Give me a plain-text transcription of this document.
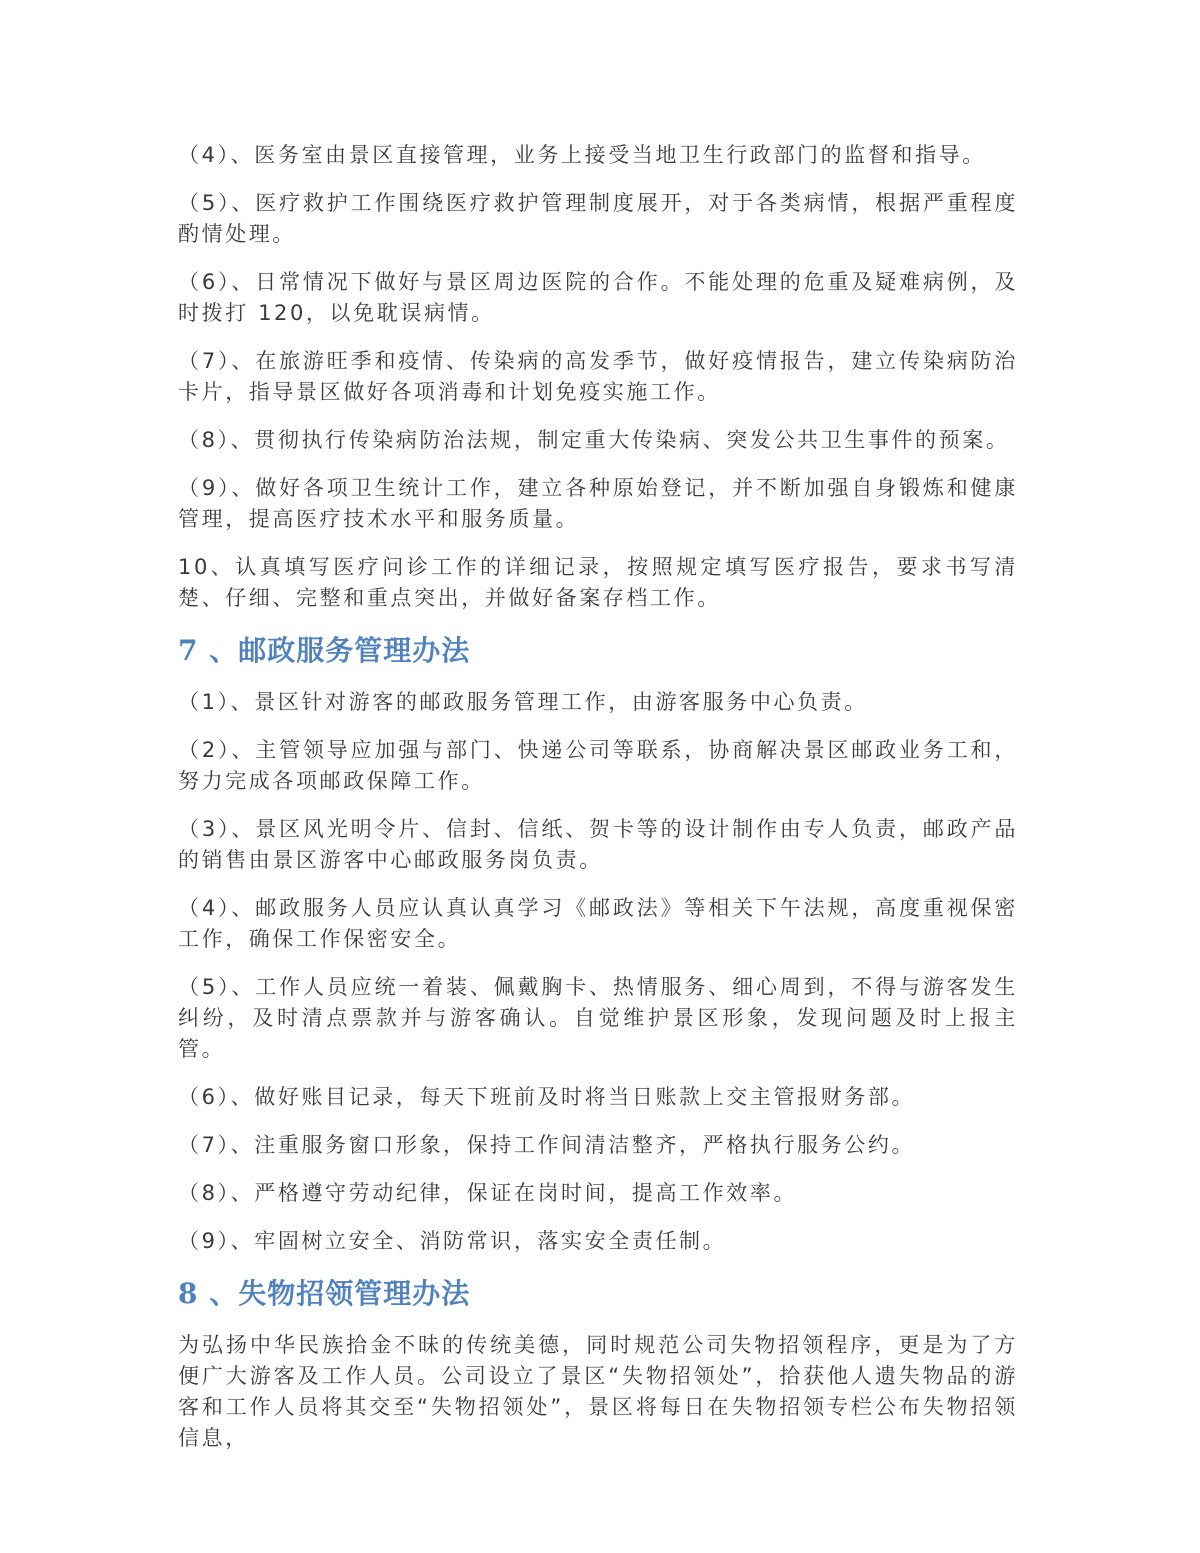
（4）、医务室由景区直接管理，业务上接受当地卫生行政部门的监督和指导。

（5）、医疗救护工作围绕医疗救护管理制度展开，对于各类病情，根据严重程度酌情处理。

（6）、日常情况下做好与景区周边医院的合作。不能处理的危重及疑难病例，及时拨打 120，以免耽误病情。

（7）、在旅游旺季和疫情、传染病的高发季节，做好疫情报告，建立传染病防治卡片，指导景区做好各项消毒和计划免疫实施工作。

（8）、贯彻执行传染病防治法规，制定重大传染病、突发公共卫生事件的预案。

（9）、做好各项卫生统计工作，建立各种原始登记，并不断加强自身锻炼和健康管理，提高医疗技术水平和服务质量。

10、认真填写医疗问诊工作的详细记录，按照规定填写医疗报告，要求书写清楚、仔细、完整和重点突出，并做好备案存档工作。

7 、邮政服务管理办法

（1）、景区针对游客的邮政服务管理工作，由游客服务中心负责。

（2）、主管领导应加强与部门、快递公司等联系，协商解决景区邮政业务工和，努力完成各项邮政保障工作。

（3）、景区风光明令片、信封、信纸、贺卡等的设计制作由专人负责，邮政产品的销售由景区游客中心邮政服务岗负责。

（4）、邮政服务人员应认真认真学习《邮政法》等相关下午法规，高度重视保密工作，确保工作保密安全。

（5）、工作人员应统一着装、佩戴胸卡、热情服务、细心周到，不得与游客发生纠纷，及时清点票款并与游客确认。自觉维护景区形象，发现问题及时上报主管。

（6）、做好账目记录，每天下班前及时将当日账款上交主管报财务部。

（7）、注重服务窗口形象，保持工作间清洁整齐，严格执行服务公约。

（8）、严格遵守劳动纪律，保证在岗时间，提高工作效率。

（9）、牢固树立安全、消防常识，落实安全责任制。

8 、失物招领管理办法

为弘扬中华民族拾金不昧的传统美德，同时规范公司失物招领程序，更是为了方便广大游客及工作人员。公司设立了景区“失物招领处”，拾获他人遗失物品的游客和工作人员将其交至“失物招领处”，景区将每日在失物招领专栏公布失物招领信息，
